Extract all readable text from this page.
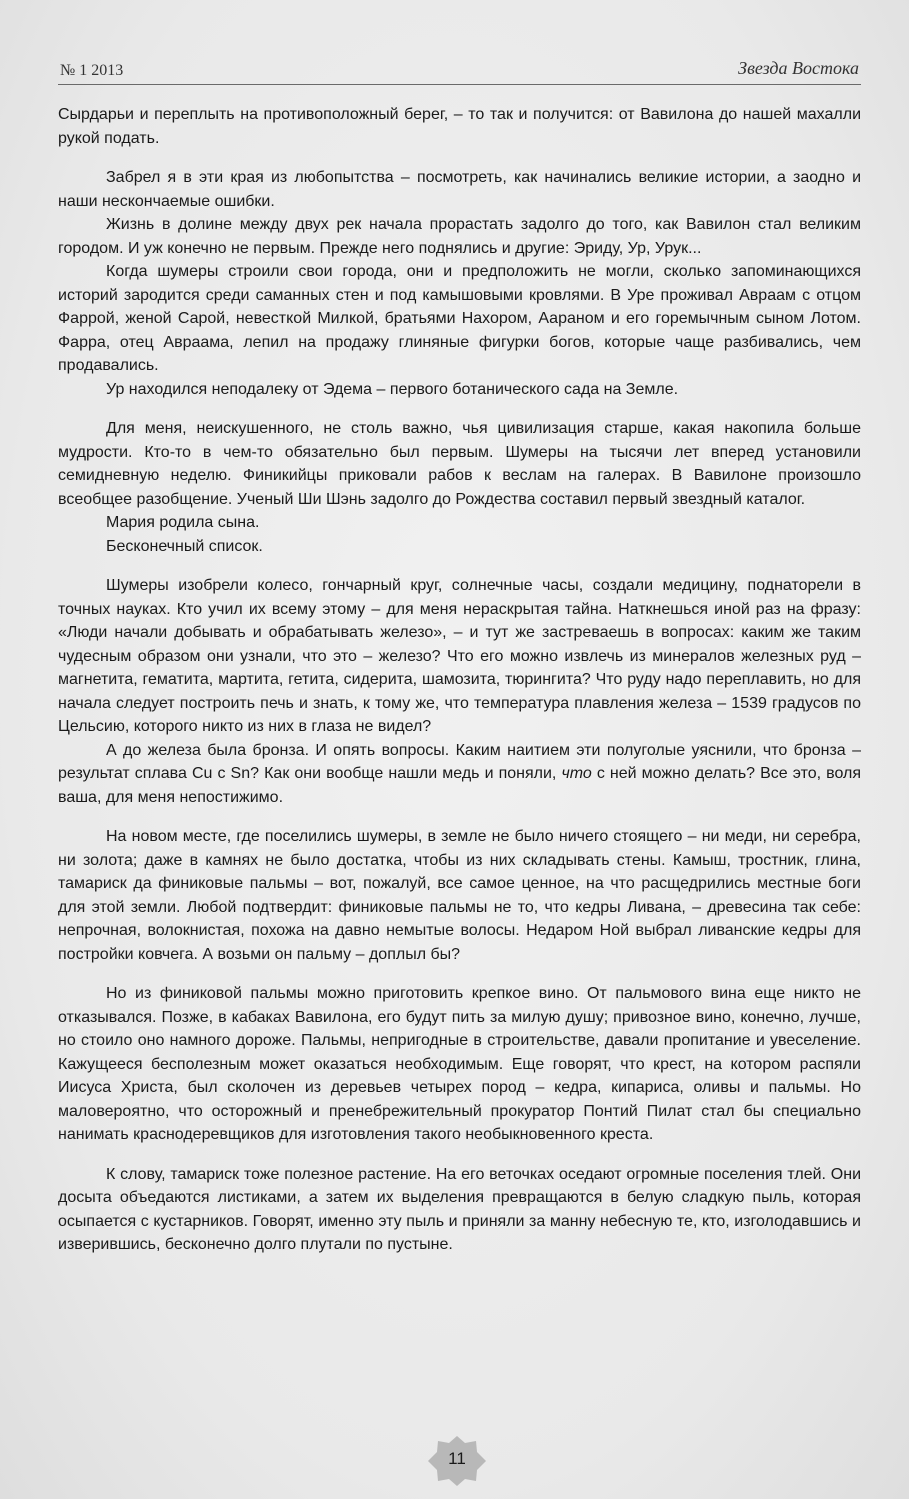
№ 1 2013	Звезда Востока

Сырдарьи и переплыть на противоположный берег, – то так и получится: от Вавилона до нашей махалли рукой подать.

Забрел я в эти края из любопытства – посмотреть, как начинались великие истории, а заодно и наши нескончаемые ошибки.

Жизнь в долине между двух рек начала прорастать задолго до того, как Вавилон стал великим городом. И уж конечно не первым. Прежде него поднялись и другие: Эриду, Ур, Урук...

Когда шумеры строили свои города, они и предположить не могли, сколько запоминающихся историй зародится среди саманных стен и под камышовыми кровлями. В Уре проживал Авраам с отцом Фаррой, женой Сарой, невесткой Милкой, братьями Нахором, Аараном и его горемычным сыном Лотом. Фарра, отец Авраама, лепил на продажу глиняные фигурки богов, которые чаще разбивались, чем продавались.

Ур находился неподалеку от Эдема – первого ботанического сада на Земле.

Для меня, неискушенного, не столь важно, чья цивилизация старше, какая накопила больше мудрости. Кто-то в чем-то обязательно был первым. Шумеры на тысячи лет вперед установили семидневную неделю. Финикийцы приковали рабов к веслам на галерах. В Вавилоне произошло всеобщее разобщение. Ученый Ши Шэнь задолго до Рождества составил первый звездный каталог.

Мария родила сына.

Бесконечный список.

Шумеры изобрели колесо, гончарный круг, солнечные часы, создали медицину, поднаторели в точных науках. Кто учил их всему этому – для меня нераскрытая тайна. Наткнешься иной раз на фразу: «Люди начали добывать и обрабатывать железо», – и тут же застреваешь в вопросах: каким же таким чудесным образом они узнали, что это – железо? Что его можно извлечь из минералов железных руд – магнетита, гематита, мартита, гетита, сидерита, шамозита, тюрингита? Что руду надо переплавить, но для начала следует построить печь и знать, к тому же, что температура плавления железа – 1539 градусов по Цельсию, которого никто из них в глаза не видел?

А до железа была бронза. И опять вопросы. Каким наитием эти полуголые уяснили, что бронза – результат сплава Cu с Sn? Как они вообще нашли медь и поняли, что с ней можно делать? Все это, воля ваша, для меня непостижимо.

На новом месте, где поселились шумеры, в земле не было ничего стоящего – ни меди, ни серебра, ни золота; даже в камнях не было достатка, чтобы из них складывать стены. Камыш, тростник, глина, тамариск да финиковые пальмы – вот, пожалуй, все самое ценное, на что расщедрились местные боги для этой земли. Любой подтвердит: финиковые пальмы не то, что кедры Ливана, – древесина так себе: непрочная, волокнистая, похожа на давно немытые волосы. Недаром Ной выбрал ливанские кедры для постройки ковчега. А возьми он пальму – доплыл бы?

Но из финиковой пальмы можно приготовить крепкое вино. От пальмового вина еще никто не отказывался. Позже, в кабаках Вавилона, его будут пить за милую душу; привозное вино, конечно, лучше, но стоило оно намного дороже. Пальмы, непригодные в строительстве, давали пропитание и увеселение. Кажущееся бесполезным может оказаться необходимым. Еще говорят, что крест, на котором распяли Иисуса Христа, был сколочен из деревьев четырех пород – кедра, кипариса, оливы и пальмы. Но маловероятно, что осторожный и пренебрежительный прокуратор Понтий Пилат стал бы специально нанимать краснодеревщиков для изготовления такого необыкновенного креста.

К слову, тамариск тоже полезное растение. На его веточках оседают огромные поселения тлей. Они досыта объедаются листиками, а затем их выделения превращаются в белую сладкую пыль, которая осыпается с кустарников. Говорят, именно эту пыль и приняли за манну небесную те, кто, изголодавшись и изверившись, бесконечно долго плутали по пустыне.

11
